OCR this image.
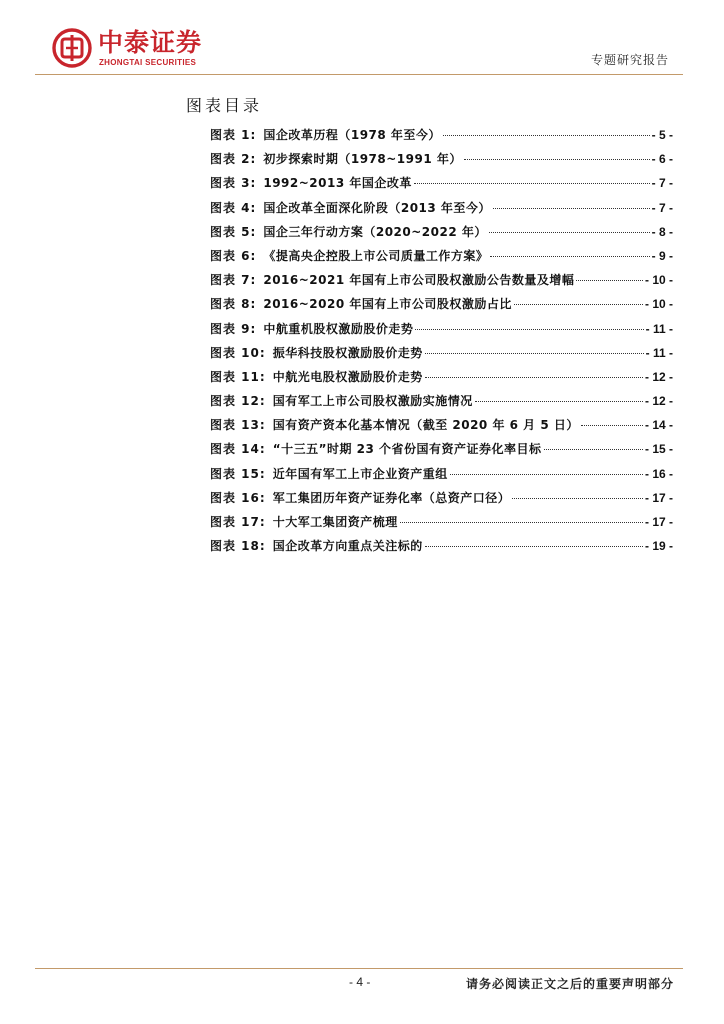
中泰证券
ZHONGTAI SECURITIES	专题研究报告
图表目录
图表 1 : 国企改革历程（1978 年至今）	- 5 -
图表 2 : 初步探索时期（1978~1991 年）	- 6 -
图表 3 : 1992~2013 年国企改革	- 7 -
图表 4 : 国企改革全面深化阶段（2013 年至今）	- 7 -
图表 5 : 国企三年行动方案（2020~2022 年）	- 8 -
图表 6 : 《提高央企控股上市公司质量工作方案》	- 9 -
图表 7 : 2016~2021 年国有上市公司股权激励公告数量及增幅	- 10 -
图表 8 : 2016~2020 年国有上市公司股权激励占比	- 10 -
图表 9 : 中航重机股权激励股价走势	- 11 -
图表 10 : 振华科技股权激励股价走势	- 11 -
图表 11 : 中航光电股权激励股价走势	- 12 -
图表 12 : 国有军工上市公司股权激励实施情况	- 12 -
图表 13 : 国有资产资本化基本情况（截至 2020 年 6 月 5 日）	- 14 -
图表 14 : “十三五”时期 23 个省份国有资产证券化率目标	- 15 -
图表 15 : 近年国有军工上市企业资产重组	- 16 -
图表 16 : 军工集团历年资产证券化率（总资产口径）	- 17 -
图表 17 : 十大军工集团资产梳理	- 17 -
图表 18 : 国企改革方向重点关注标的	- 19 -
- 4 -	请务必阅读正文之后的重要声明部分
